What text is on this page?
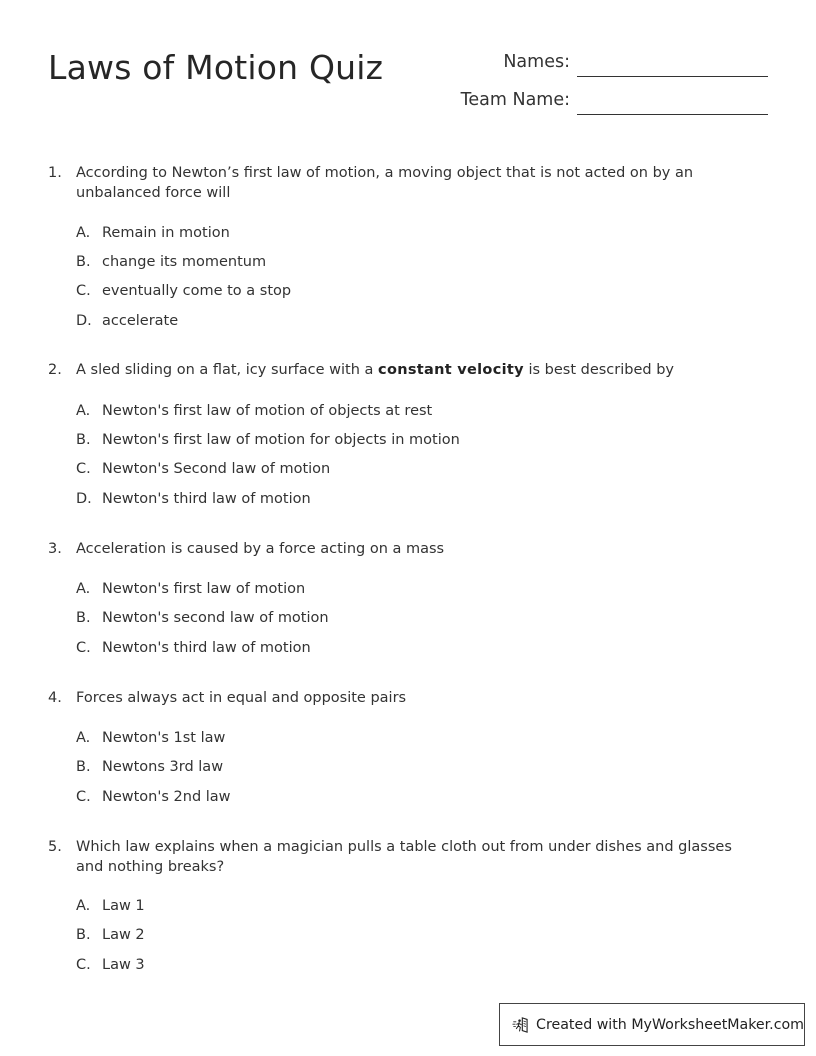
Laws of Motion Quiz	Names:
Team Name:
1. According to Newton’s first law of motion, a moving object that is not acted on by an unbalanced force will
A. Remain in motion
B. change its momentum
C. eventually come to a stop
D. accelerate
2. A sled sliding on a flat, icy surface with a constant velocity is best described by
A. Newton's first law of motion of objects at rest
B. Newton's first law of motion for objects in motion
C. Newton's Second law of motion
D. Newton's third law of motion
3. Acceleration is caused by a force acting on a mass
A. Newton's first law of motion
B. Newton's second law of motion
C. Newton's third law of motion
4. Forces always act in equal and opposite pairs
A. Newton's 1st law
B. Newtons 3rd law
C. Newton's 2nd law
5. Which law explains when a magician pulls a table cloth out from under dishes and glasses and nothing breaks?
A. Law 1
B. Law 2
C. Law 3
Created with MyWorksheetMaker.com
